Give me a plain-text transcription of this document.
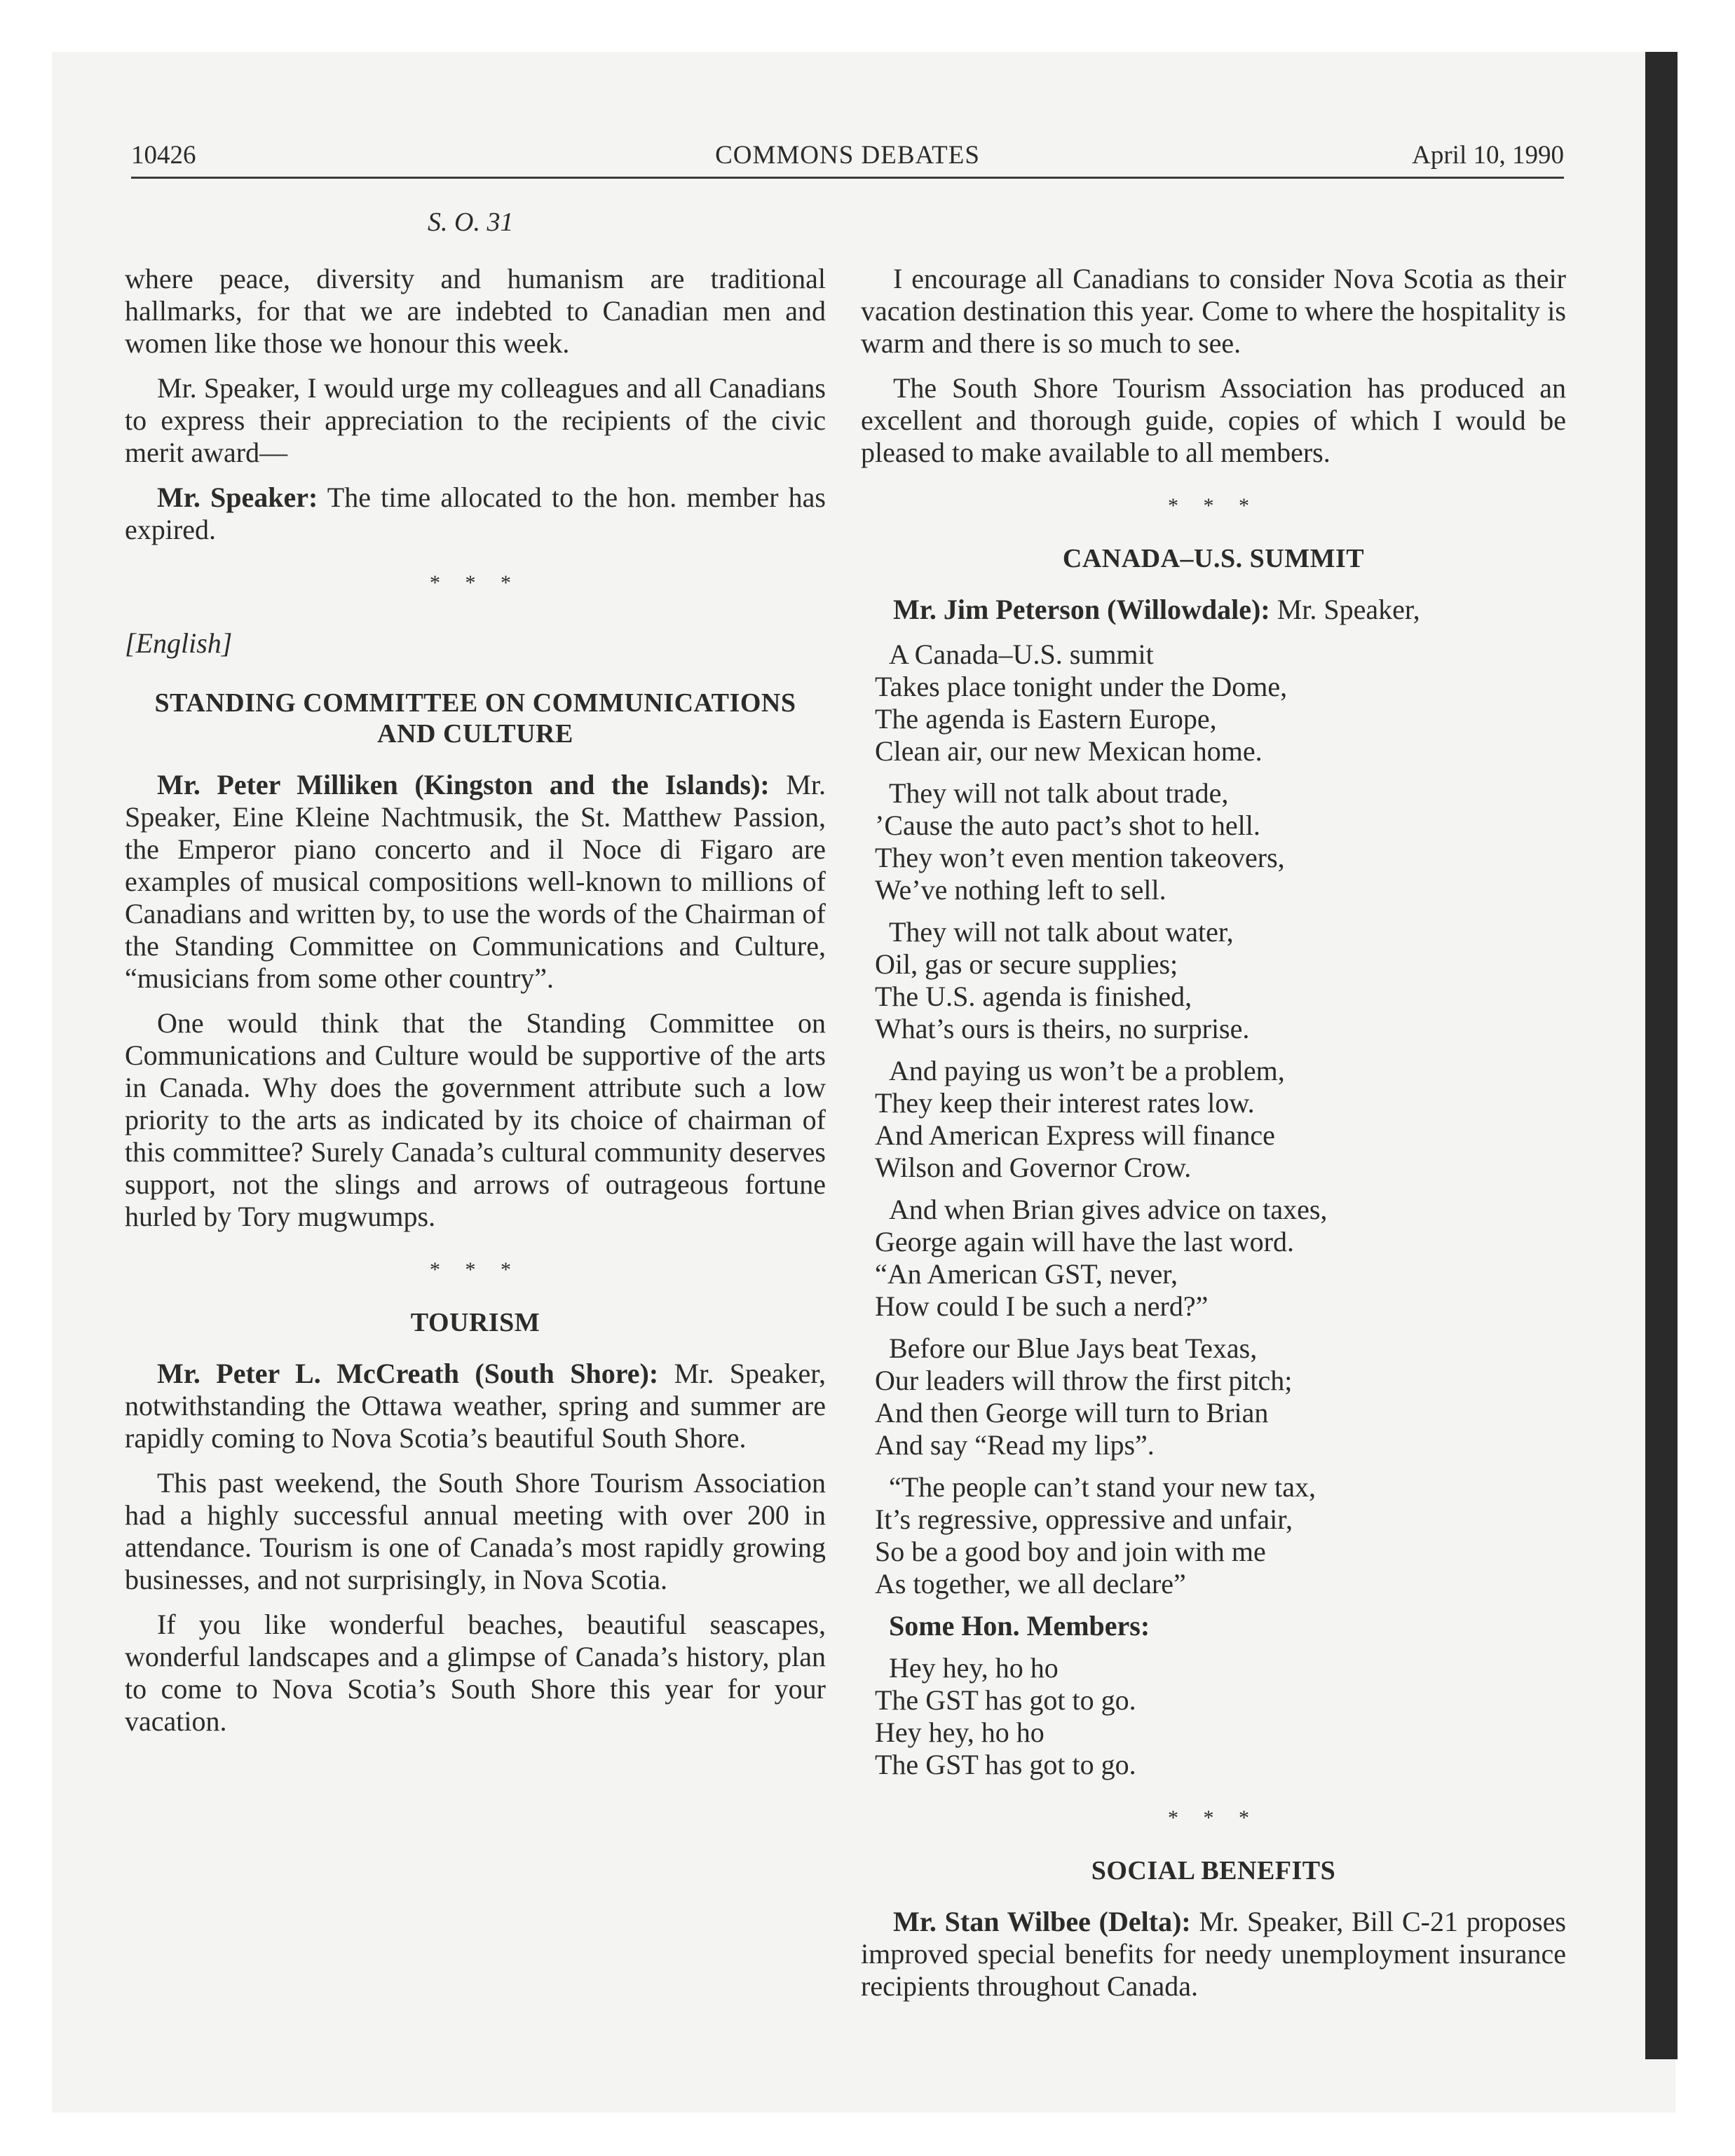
10426	COMMONS DEBATES	April 10, 1990
S. O. 31

where peace, diversity and humanism are traditional hallmarks, for that we are indebted to Canadian men and women like those we honour this week.

Mr. Speaker, I would urge my colleagues and all Canadians to express their appreciation to the recipients of the civic merit award—

Mr. Speaker: The time allocated to the hon. member has expired.

* * *
[English]
STANDING COMMITTEE ON COMMUNICATIONS AND CULTURE

Mr. Peter Milliken (Kingston and the Islands): Mr. Speaker, Eine Kleine Nachtmusik, the St. Matthew Passion, the Emperor piano concerto and il Noce di Figaro are examples of musical compositions well-known to millions of Canadians and written by, to use the words of the Chairman of the Standing Committee on Communications and Culture, “musicians from some other country”.

One would think that the Standing Committee on Communications and Culture would be supportive of the arts in Canada. Why does the government attribute such a low priority to the arts as indicated by its choice of chairman of this committee? Surely Canada’s cultural community deserves support, not the slings and arrows of outrageous fortune hurled by Tory mugwumps.

* * *
TOURISM

Mr. Peter L. McCreath (South Shore): Mr. Speaker, notwithstanding the Ottawa weather, spring and summer are rapidly coming to Nova Scotia’s beautiful South Shore.

This past weekend, the South Shore Tourism Association had a highly successful annual meeting with over 200 in attendance. Tourism is one of Canada’s most rapidly growing businesses, and not surprisingly, in Nova Scotia.

If you like wonderful beaches, beautiful seascapes, wonderful landscapes and a glimpse of Canada’s history, plan to come to Nova Scotia’s South Shore this year for your vacation.

I encourage all Canadians to consider Nova Scotia as their vacation destination this year. Come to where the hospitality is warm and there is so much to see.

The South Shore Tourism Association has produced an excellent and thorough guide, copies of which I would be pleased to make available to all members.

* * *
CANADA–U.S. SUMMIT

Mr. Jim Peterson (Willowdale): Mr. Speaker,

A Canada–U.S. summit
Takes place tonight under the Dome,
The agenda is Eastern Europe,
Clean air, our new Mexican home.
They will not talk about trade,
’Cause the auto pact’s shot to hell.
They won’t even mention takeovers,
We’ve nothing left to sell.
They will not talk about water,
Oil, gas or secure supplies;
The U.S. agenda is finished,
What’s ours is theirs, no surprise.
And paying us won’t be a problem,
They keep their interest rates low.
And American Express will finance
Wilson and Governor Crow.
And when Brian gives advice on taxes,
George again will have the last word.
“An American GST, never,
How could I be such a nerd?”
Before our Blue Jays beat Texas,
Our leaders will throw the first pitch;
And then George will turn to Brian
And say “Read my lips”.
“The people can’t stand your new tax,
It’s regressive, oppressive and unfair,
So be a good boy and join with me
As together, we all declare”
Some Hon. Members:
Hey hey, ho ho
The GST has got to go.
Hey hey, ho ho
The GST has got to go.
* * *
SOCIAL BENEFITS

Mr. Stan Wilbee (Delta): Mr. Speaker, Bill C-21 proposes improved special benefits for needy unemployment insurance recipients throughout Canada.
